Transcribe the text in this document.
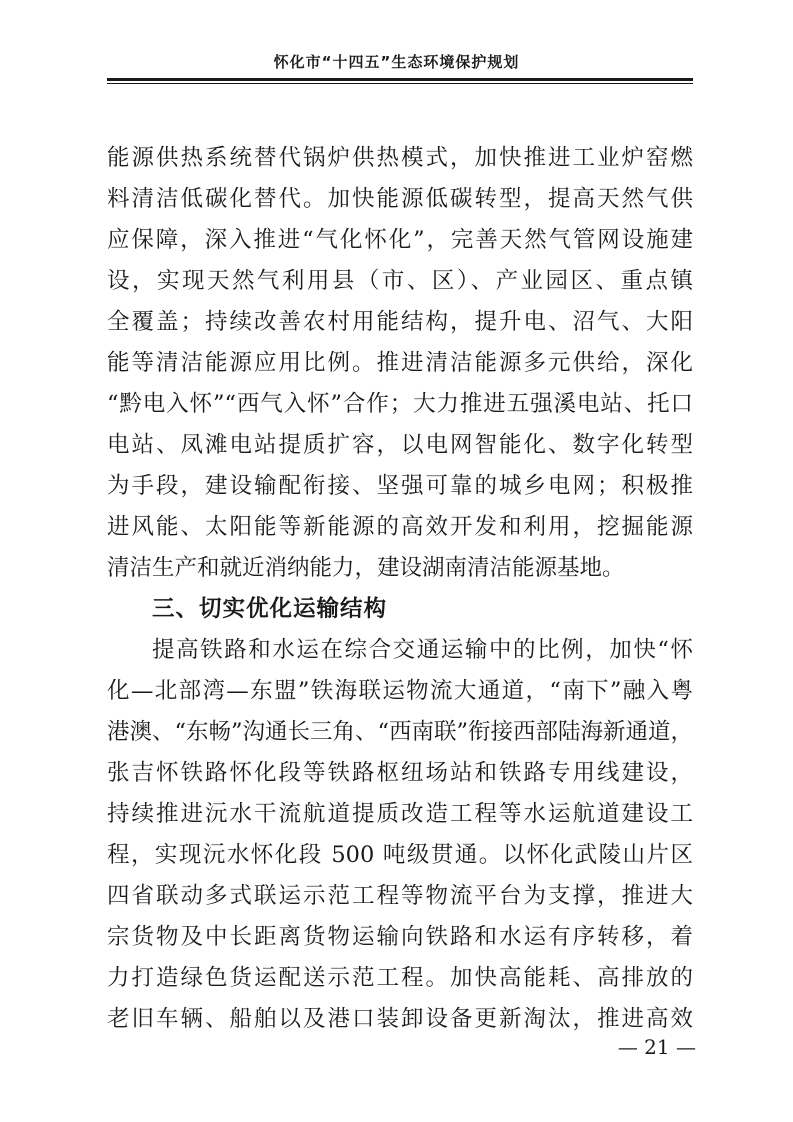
怀化市“十四五”生态环境保护规划
能源供热系统替代锅炉供热模式，加快推进工业炉窑燃
料清洁低碳化替代。加快能源低碳转型，提高天然气供
应保障，深入推进“气化怀化”，完善天然气管网设施建
设，实现天然气利用县（市、区）、产业园区、重点镇
全覆盖；持续改善农村用能结构，提升电、沼气、大阳
能等清洁能源应用比例。推进清洁能源多元供给，深化
“黔电入怀”“西气入怀”合作；大力推进五强溪电站、托口
电站、凤滩电站提质扩容，以电网智能化、数字化转型
为手段，建设输配衔接、坚强可靠的城乡电网；积极推
进风能、太阳能等新能源的高效开发和利用，挖掘能源
清洁生产和就近消纳能力，建设湖南清洁能源基地。
三、切实优化运输结构
提高铁路和水运在综合交通运输中的比例，加快“怀
化—北部湾—东盟”铁海联运物流大通道，“南下”融入粤
港澳、“东畅”沟通长三角、“西南联”衔接西部陆海新通道，
张吉怀铁路怀化段等铁路枢纽场站和铁路专用线建设，
持续推进沅水干流航道提质改造工程等水运航道建设工
程，实现沅水怀化段 500 吨级贯通。以怀化武陵山片区
四省联动多式联运示范工程等物流平台为支撑，推进大
宗货物及中长距离货物运输向铁路和水运有序转移，着
力打造绿色货运配送示范工程。加快高能耗、高排放的
老旧车辆、船舶以及港口装卸设备更新淘汰，推进高效
— 21 —
